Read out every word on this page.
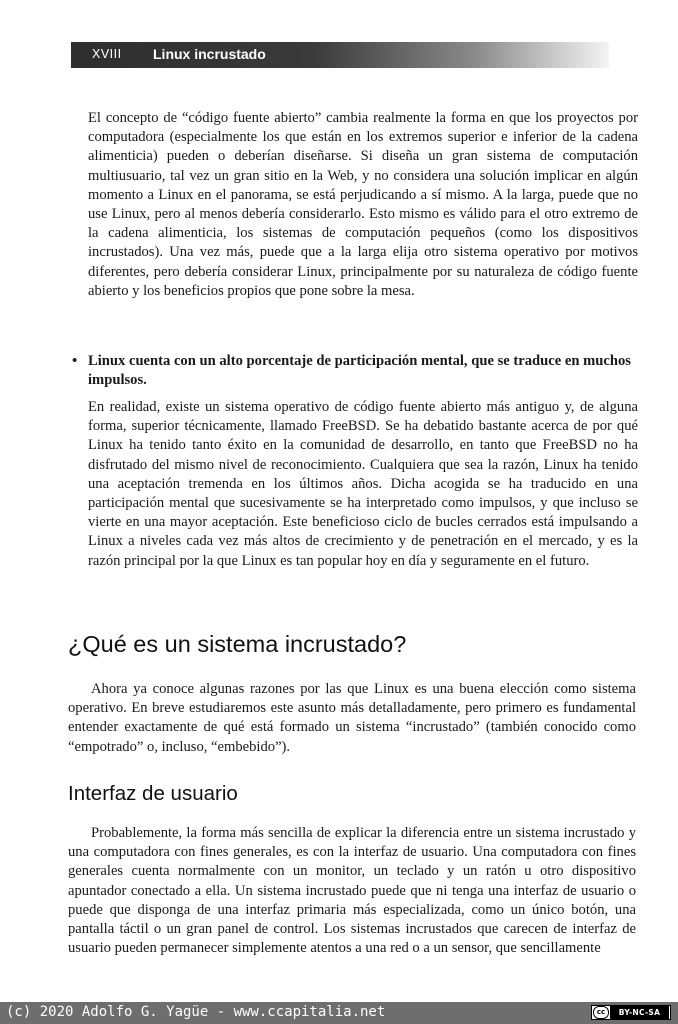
XVIII Linux incrustado

El concepto de “código fuente abierto” cambia realmente la forma en que los proyectos por computadora (especialmente los que están en los extremos superior e inferior de la cadena alimenticia) pueden o deberían diseñarse. Si diseña un gran sistema de computación multiusuario, tal vez un gran sitio en la Web, y no considera una solución implicar en algún momento a Linux en el panorama, se está perjudicando a sí mismo. A la larga, puede que no use Linux, pero al menos debería considerarlo. Esto mismo es válido para el otro extremo de la cadena alimenticia, los sistemas de computación pequeños (como los dispositivos incrustados). Una vez más, puede que a la larga elija otro sistema operativo por motivos diferentes, pero debería considerar Linux, principalmente por su naturaleza de código fuente abierto y los beneficios propios que pone sobre la mesa.

• Linux cuenta con un alto porcentaje de participación mental, que se traduce en muchos impulsos.

En realidad, existe un sistema operativo de código fuente abierto más antiguo y, de alguna forma, superior técnicamente, llamado FreeBSD. Se ha debatido bastante acerca de por qué Linux ha tenido tanto éxito en la comunidad de desarrollo, en tanto que FreeBSD no ha disfrutado del mismo nivel de reconocimiento. Cualquiera que sea la razón, Linux ha tenido una aceptación tremenda en los últimos años. Dicha acogida se ha traducido en una participación mental que sucesivamente se ha interpretado como impulsos, y que incluso se vierte en una mayor aceptación. Este beneficioso ciclo de bucles cerrados está impulsando a Linux a niveles cada vez más altos de crecimiento y de penetración en el mercado, y es la razón principal por la que Linux es tan popular hoy en día y seguramente en el futuro.

¿Qué es un sistema incrustado?

Ahora ya conoce algunas razones por las que Linux es una buena elección como sistema operativo. En breve estudiaremos este asunto más detalladamente, pero primero es fundamental entender exactamente de qué está formado un sistema “incrustado” (también conocido como “empotrado” o, incluso, “embebido”).

Interfaz de usuario

Probablemente, la forma más sencilla de explicar la diferencia entre un sistema incrustado y una computadora con fines generales, es con la interfaz de usuario. Una computadora con fines generales cuenta normalmente con un monitor, un teclado y un ratón u otro dispositivo apuntador conectado a ella. Un sistema incrustado puede que ni tenga una interfaz de usuario o puede que disponga de una interfaz primaria más especializada, como un único botón, una pantalla táctil o un gran panel de control. Los sistemas incrustados que carecen de interfaz de usuario pueden permanecer simplemente atentos a una red o a un sensor, que sencillamente

(c) 2020 Adolfo G. Yagüe - www.ccapitalia.net	cc	BY-NC-SA
